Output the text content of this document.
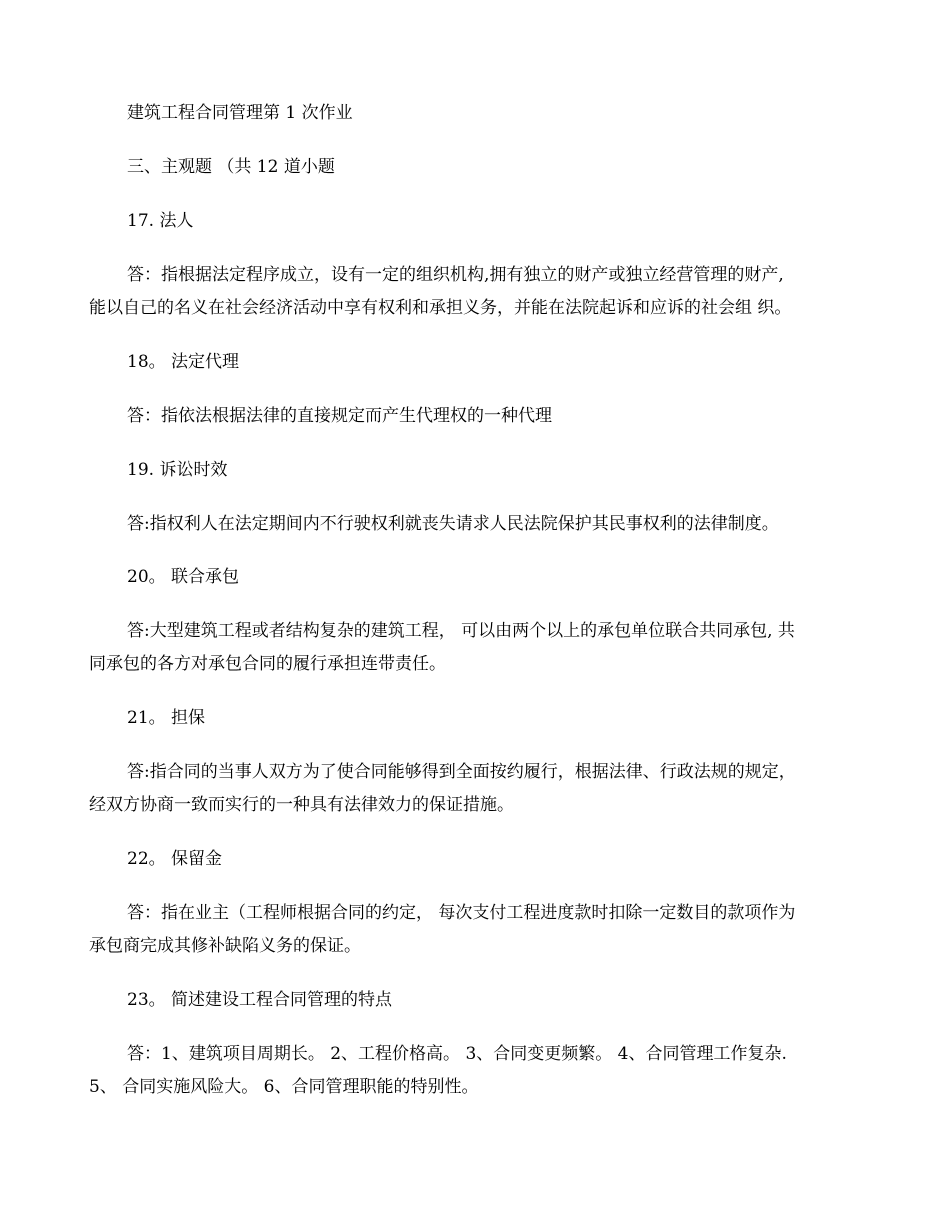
建筑工程合同管理第 1 次作业
三、主观题 （共 12 道小题
17. 法人
答：指根据法定程序成立，设有一定的组织机构,拥有独立的财产或独立经营管理的财产,
能以自己的名义在社会经济活动中享有权利和承担义务，并能在法院起诉和应诉的社会组 织。
18。 法定代理
答：指依法根据法律的直接规定而产生代理权的一种代理
19. 诉讼时效
答:指权利人在法定期间内不行驶权利就丧失请求人民法院保护其民事权利的法律制度。
20。 联合承包
答:大型建筑工程或者结构复杂的建筑工程， 可以由两个以上的承包单位联合共同承包, 共
同承包的各方对承包合同的履行承担连带责任。
21。 担保
答:指合同的当事人双方为了使合同能够得到全面按约履行，根据法律、行政法规的规定，
经双方协商一致而实行的一种具有法律效力的保证措施。
22。 保留金
答：指在业主（工程师根据合同的约定， 每次支付工程进度款时扣除一定数目的款项作为
承包商完成其修补缺陷义务的保证。
23。 简述建设工程合同管理的特点
答：1、建筑项目周期长。 2、工程价格高。 3、合同变更频繁。 4、合同管理工作复杂.
5、 合同实施风险大。 6、合同管理职能的特别性。
